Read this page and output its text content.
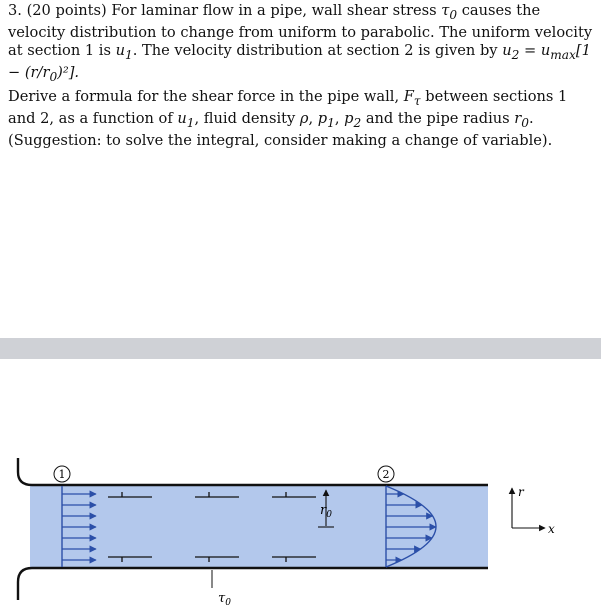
3. (20 points) For laminar flow in a pipe, wall shear stress $\tau_0$ causes the velocity distribution to change from uniform to parabolic. The uniform velocity at section 1 is $u_1$. The velocity distribution at section 2 is given by $u_2 = u_{max}[1 - (r/r_0)^2]$.

Derive a formula for the shear force in the pipe wall, $F_\tau$ between sections 1 and 2, as a function of $u_1$, fluid density ρ, $p_1$, $p_2$ and the pipe radius $r_0$. (Suggestion: to solve the integral, consider making a change of variable).

1	2
$r_0$
$\tau_0$
r
x
